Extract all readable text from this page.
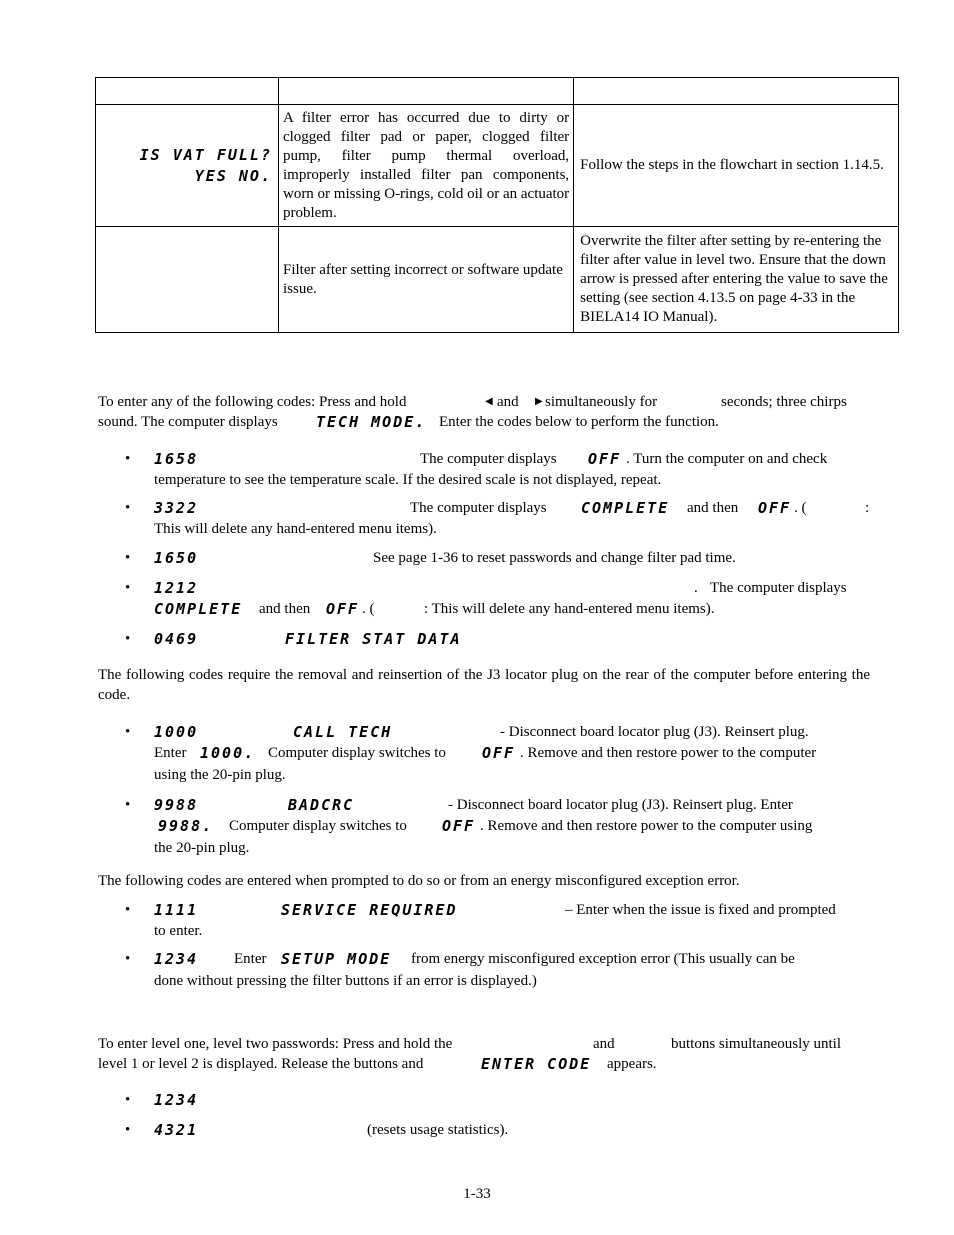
IS VAT FULL?
YES NO.	A filter error has occurred due to dirty or clogged filter pad or paper, clogged filter pump, filter pump thermal overload, improperly installed filter pan components, worn or missing O-rings, cold oil or an actuator problem.	Follow the steps in the flowchart in section 1.14.5.
	Filter after setting incorrect or software update issue.	Overwrite the filter after setting by re-entering the filter after value in level two. Ensure that the down arrow is pressed after entering the value to save the setting (see section 4.13.5 on page 4-33 in the BIELA14 IO Manual).
To enter any of the following codes: Press and hold	◀ and ▶ simultaneously for	seconds; three chirps
sound. The computer displays	TECH MODE. Enter the codes below to perform the function.
• 1658	The computer displays OFF . Turn the computer on and check
temperature to see the temperature scale. If the desired scale is not displayed, repeat.
• 3322	The computer displays COMPLETE and then OFF . (	:
This will delete any hand-entered menu items).
• 1650	See page 1-36 to reset passwords and change filter pad time.
• 1212	. The computer displays
COMPLETE and then OFF . (	: This will delete any hand-entered menu items).
• 0469	FILTER STAT DATA
The following codes require the removal and reinsertion of the J3 locator plug on the rear of the computer before entering the code.
• 1000	CALL TECH	- Disconnect board locator plug (J3). Reinsert plug.
Enter 1000. Computer display switches to OFF . Remove and then restore power to the computer
using the 20-pin plug.
• 9988	BADCRC	- Disconnect board locator plug (J3). Reinsert plug. Enter
9988. Computer display switches to OFF . Remove and then restore power to the computer using
the 20-pin plug.
The following codes are entered when prompted to do so or from an energy misconfigured exception error.
• 1111	SERVICE REQUIRED	– Enter when the issue is fixed and prompted
to enter.
• 1234 Enter SETUP MODE from energy misconfigured exception error (This usually can be
done without pressing the filter buttons if an error is displayed.)
To enter level one, level two passwords: Press and hold the	and	buttons simultaneously until
level 1 or level 2 is displayed. Release the buttons and	ENTER CODE appears.
• 1234
• 4321	(resets usage statistics).
1-33
